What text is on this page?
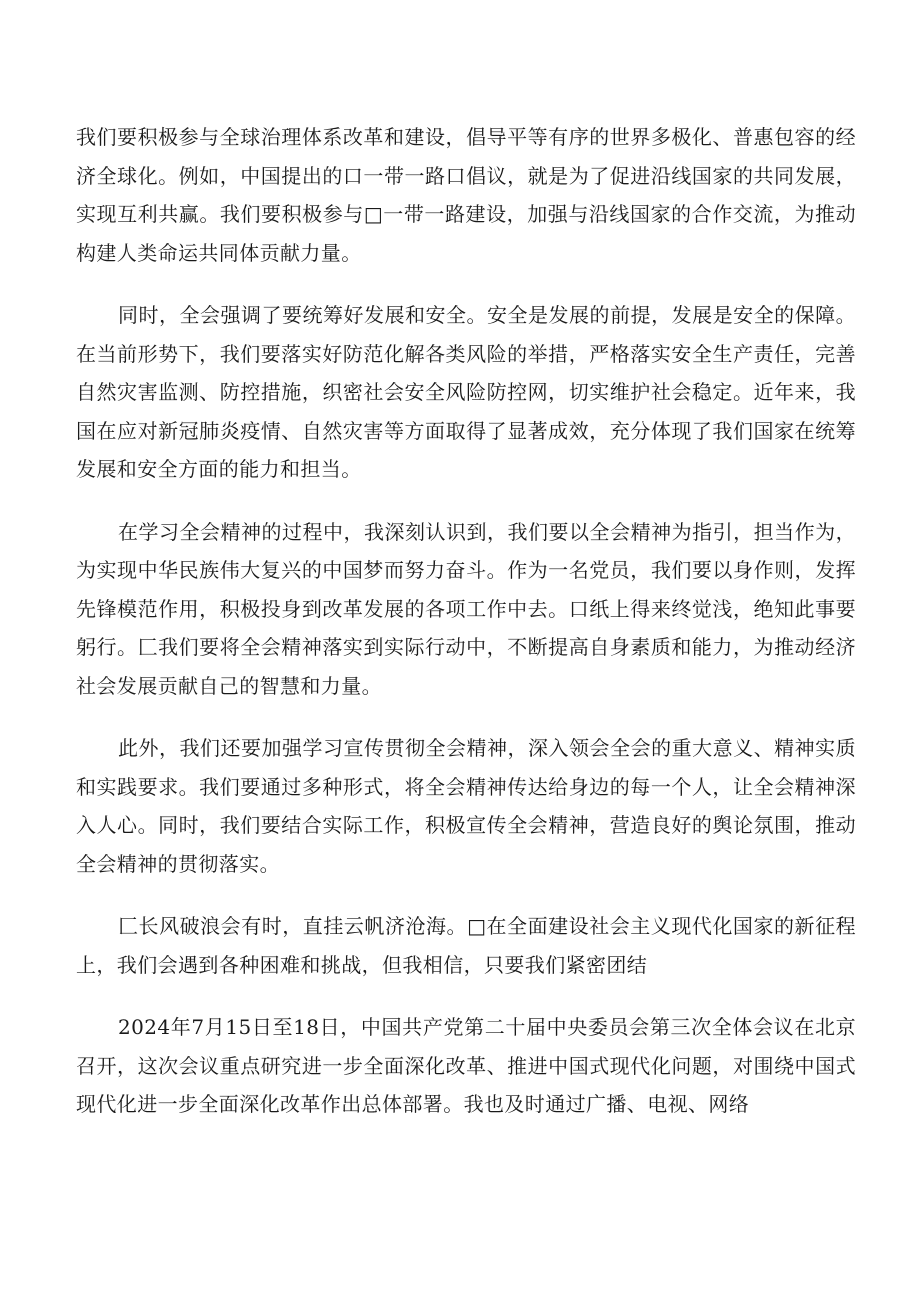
我们要积极参与全球治理体系改革和建设，倡导平等有序的世界多极化、普惠包容的经济全球化。例如，中国提出的口一带一路口倡议，就是为了促进沿线国家的共同发展，实现互利共赢。我们要积极参与□一带一路建设，加强与沿线国家的合作交流，为推动构建人类命运共同体贡献力量。

同时，全会强调了要统筹好发展和安全。安全是发展的前提，发展是安全的保障。在当前形势下，我们要落实好防范化解各类风险的举措，严格落实安全生产责任，完善自然灾害监测、防控措施，织密社会安全风险防控网，切实维护社会稳定。近年来，我国在应对新冠肺炎疫情、自然灾害等方面取得了显著成效，充分体现了我们国家在统筹发展和安全方面的能力和担当。

在学习全会精神的过程中，我深刻认识到，我们要以全会精神为指引，担当作为，为实现中华民族伟大复兴的中国梦而努力奋斗。作为一名党员，我们要以身作则，发挥先锋模范作用，积极投身到改革发展的各项工作中去。口纸上得来终觉浅，绝知此事要躬行。匚我们要将全会精神落实到实际行动中，不断提高自身素质和能力，为推动经济社会发展贡献自己的智慧和力量。

此外，我们还要加强学习宣传贯彻全会精神，深入领会全会的重大意义、精神实质和实践要求。我们要通过多种形式，将全会精神传达给身边的每一个人，让全会精神深入人心。同时，我们要结合实际工作，积极宣传全会精神，营造良好的舆论氛围，推动全会精神的贯彻落实。

匚长风破浪会有时，直挂云帆济沧海。□在全面建设社会主义现代化国家的新征程上，我们会遇到各种困难和挑战，但我相信，只要我们紧密团结

2024年7月15日至18日，中国共产党第二十届中央委员会第三次全体会议在北京召开，这次会议重点研究进一步全面深化改革、推进中国式现代化问题，对围绕中国式现代化进一步全面深化改革作出总体部署。我也及时通过广播、电视、网络
